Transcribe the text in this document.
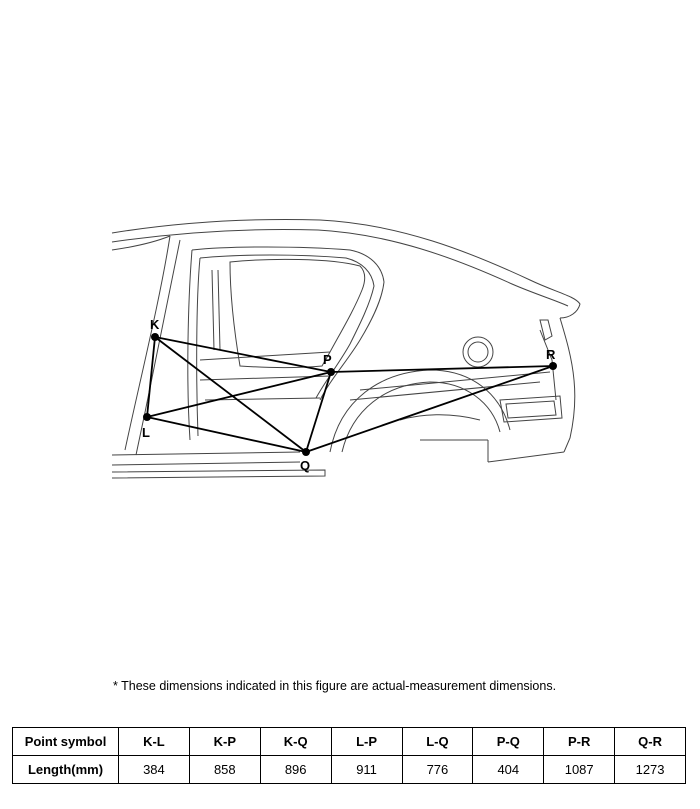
K
L
P
Q
R
* These dimensions indicated in this figure are actual-measurement dimensions.
Point symbol	K-L	K-P	K-Q	L-P	L-Q	P-Q	P-R	Q-R
Length(mm)	384	858	896	911	776	404	1087	1273
